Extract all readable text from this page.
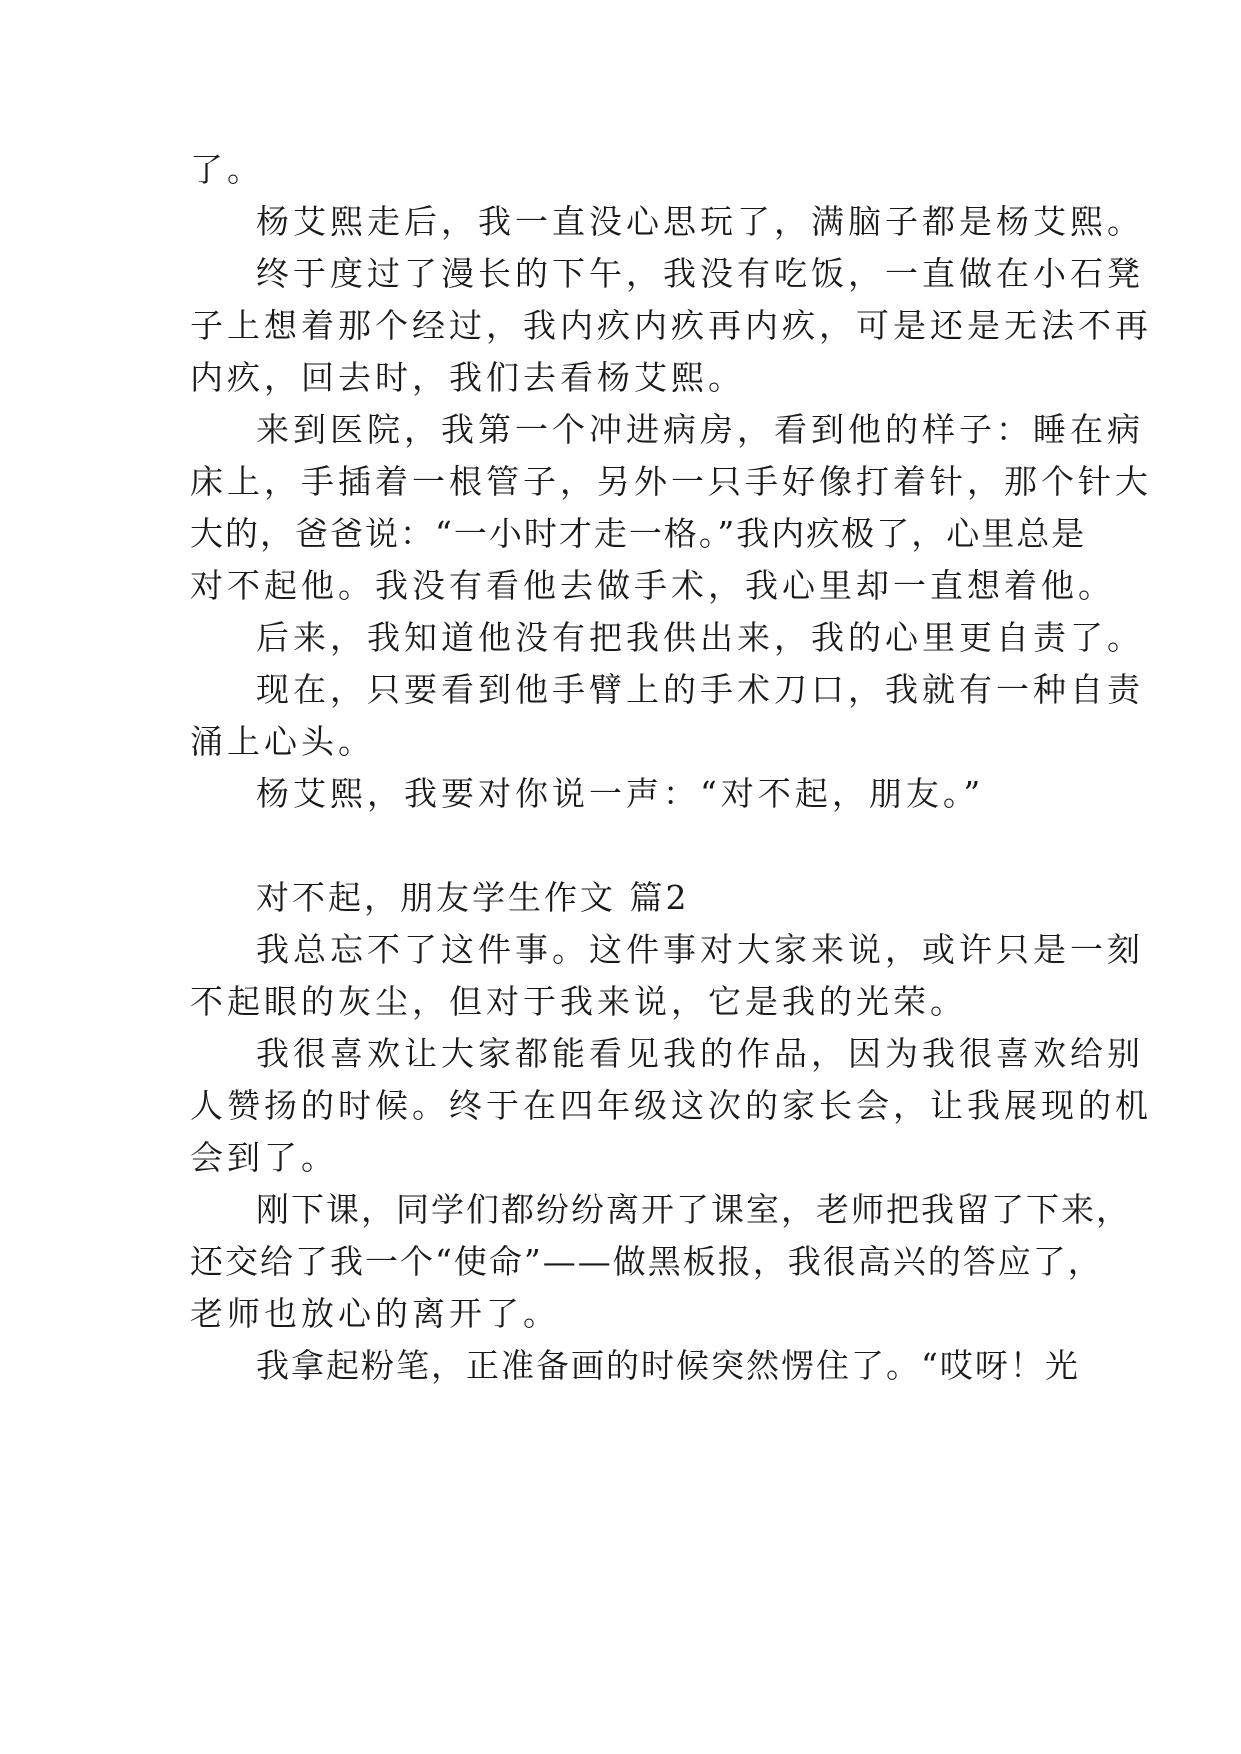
了。
杨艾熙走后，我一直没心思玩了，满脑子都是杨艾熙。
终于度过了漫长的下午，我没有吃饭，一直做在小石凳
子上想着那个经过，我内疚内疚再内疚，可是还是无法不再
内疚，回去时，我们去看杨艾熙。
来到医院，我第一个冲进病房，看到他的样子：睡在病
床上，手插着一根管子，另外一只手好像打着针，那个针大
大的，爸爸说：“一小时才走一格。”我内疚极了，心里总是
对不起他。我没有看他去做手术，我心里却一直想着他。
后来，我知道他没有把我供出来，我的心里更自责了。
现在，只要看到他手臂上的手术刀口，我就有一种自责
涌上心头。
杨艾熙，我要对你说一声：“对不起，朋友。”
对不起，朋友学生作文 篇2
我总忘不了这件事。这件事对大家来说，或许只是一刻
不起眼的灰尘，但对于我来说，它是我的光荣。
我很喜欢让大家都能看见我的作品，因为我很喜欢给别
人赞扬的时候。终于在四年级这次的家长会，让我展现的机
会到了。
刚下课，同学们都纷纷离开了课室，老师把我留了下来，
还交给了我一个“使命”——做黑板报，我很高兴的答应了，
老师也放心的离开了。
我拿起粉笔，正准备画的时候突然愣住了。“哎呀！光
